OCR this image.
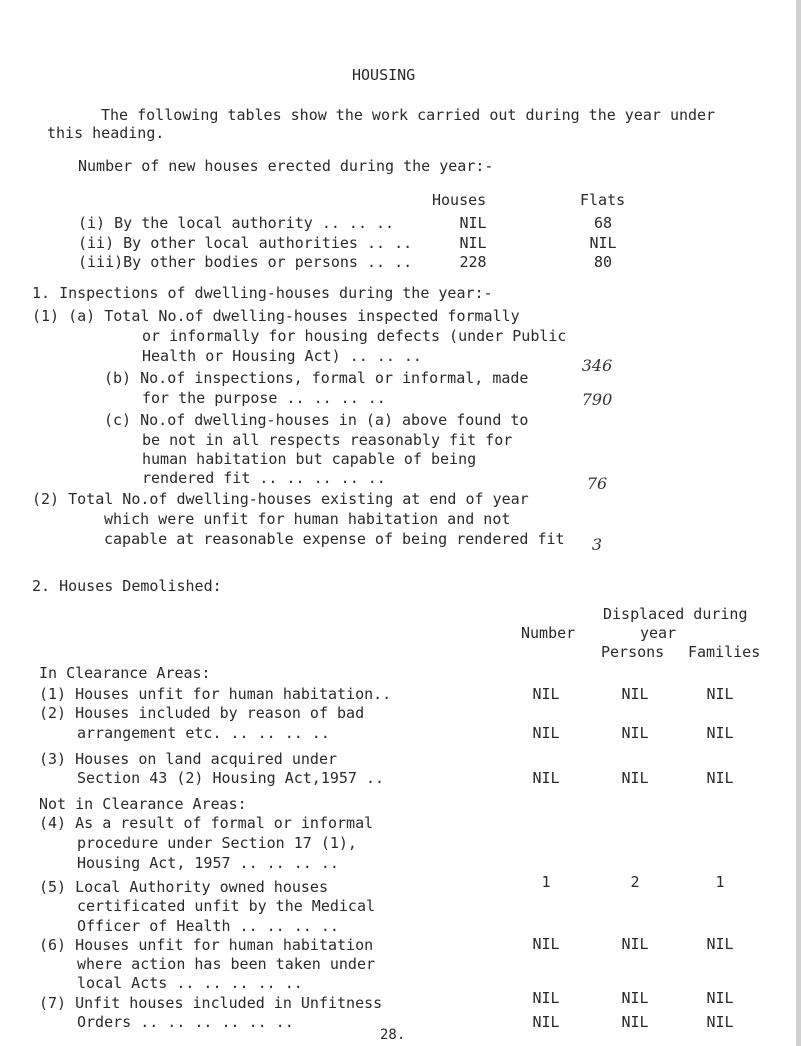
HOUSING
The following tables show the work carried out during the year under
this heading.
Number of new houses erected during the year:-
Houses	Flats
(i) By the local authority .. .. ..	NIL	68
(ii) By other local authorities .. ..	NIL	NIL
(iii)By other bodies or persons .. ..	228	80
1. Inspections of dwelling-houses during the year:-
(1) (a) Total No.of dwelling-houses inspected formally
or informally for housing defects (under Public
Health or Housing Act) .. .. ..	346
(b) No.of inspections, formal or informal, made
for the purpose .. .. .. ..	790
(c) No.of dwelling-houses in (a) above found to
be not in all respects reasonably fit for
human habitation but capable of being
rendered fit .. .. .. .. ..	76
(2) Total No.of dwelling-houses existing at end of year
which were unfit for human habitation and not
capable at reasonable expense of being rendered fit	3
2. Houses Demolished:
Displaced during
year
Number
Persons Families
In Clearance Areas:
(1) Houses unfit for human habitation..	NIL	NIL	NIL
(2) Houses included by reason of bad
arrangement etc. .. .. .. ..	NIL	NIL	NIL
(3) Houses on land acquired under
Section 43 (2) Housing Act,1957 ..	NIL	NIL	NIL
Not in Clearance Areas:
(4) As a result of formal or informal
procedure under Section 17 (1),
Housing Act, 1957 .. .. .. ..
1	2	1
(5) Local Authority owned houses
certificated unfit by the Medical
Officer of Health .. .. .. ..
NIL	NIL	NIL
(6) Houses unfit for human habitation
where action has been taken under
local Acts .. .. .. .. ..
NIL	NIL	NIL
(7) Unfit houses included in Unfitness
Orders .. .. .. .. .. ..	NIL	NIL	NIL
28.
